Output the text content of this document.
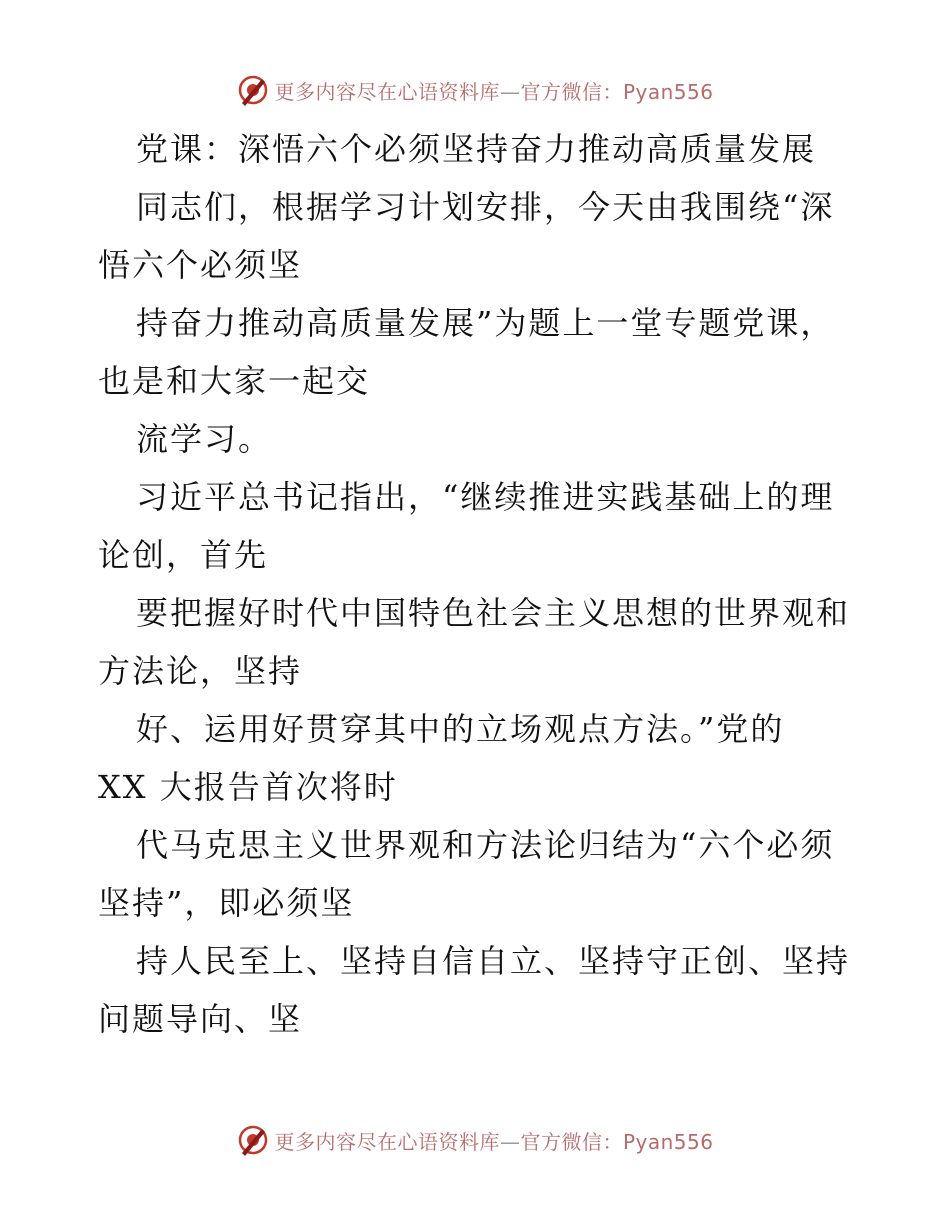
更多内容尽在心语资料库—官方微信：Pyan556
党课：深悟六个必须坚持奋力推动高质量发展
同志们，根据学习计划安排，今天由我围绕“深
悟六个必须坚
持奋力推动高质量发展”为题上一堂专题党课，
也是和大家一起交
流学习。
习近平总书记指出，“继续推进实践基础上的理
论创，首先
要把握好时代中国特色社会主义思想的世界观和
方法论，坚持
好、运用好贯穿其中的立场观点方法。”党的
XX 大报告首次将时
代马克思主义世界观和方法论归结为“六个必须
坚持”，即必须坚
持人民至上、坚持自信自立、坚持守正创、坚持
问题导向、坚
更多内容尽在心语资料库—官方微信：Pyan556
